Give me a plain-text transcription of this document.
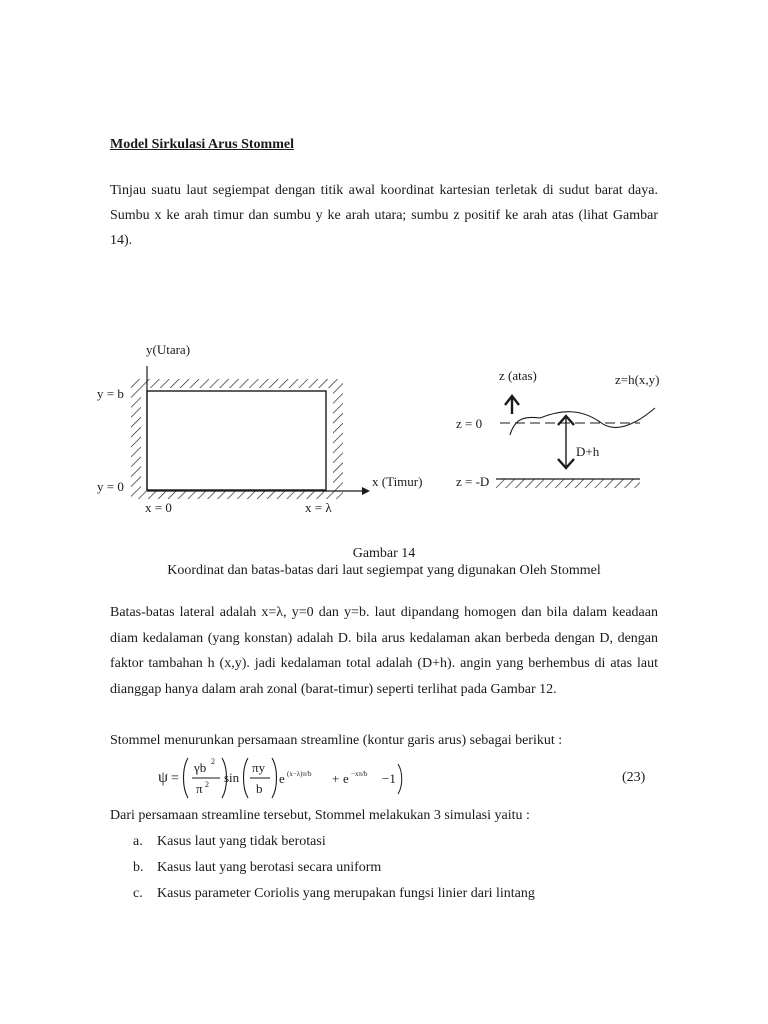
Model Sirkulasi Arus Stommel
Tinjau suatu laut segiempat dengan titik awal koordinat kartesian terletak di sudut barat daya. Sumbu x ke arah timur dan sumbu y ke arah utara; sumbu z positif ke arah atas (lihat Gambar 14).
y(Utara)
x (Timur)
y = b
y = 0
x = 0	x = λ
z (atas)	z=h(x,y)
z = 0
D+h
z = -D
Gambar 14
Koordinat dan batas-batas dari laut segiempat yang digunakan Oleh Stommel
Batas-batas lateral adalah x=λ, y=0 dan y=b. laut dipandang homogen dan bila dalam keadaan diam kedalaman (yang konstan) adalah D. bila arus kedalaman akan berbeda dengan D, dengan faktor tambahan h (x,y). jadi kedalaman total adalah (D+h). angin yang berhembus di atas laut dianggap hanya dalam arah zonal (barat-timur) seperti terlihat pada Gambar 12.
Stommel menurunkan persamaan streamline (kontur garis arus) sebagai berikut :
ψ =
γb 2
π 2 sin
πy
b
e (x−λ)π/b + e −xπ/b −1	(23)
Dari persamaan streamline tersebut, Stommel melakukan 3 simulasi yaitu :
a. Kasus laut yang tidak berotasi
b. Kasus laut yang berotasi secara uniform
c. Kasus parameter Coriolis yang merupakan fungsi linier dari lintang
